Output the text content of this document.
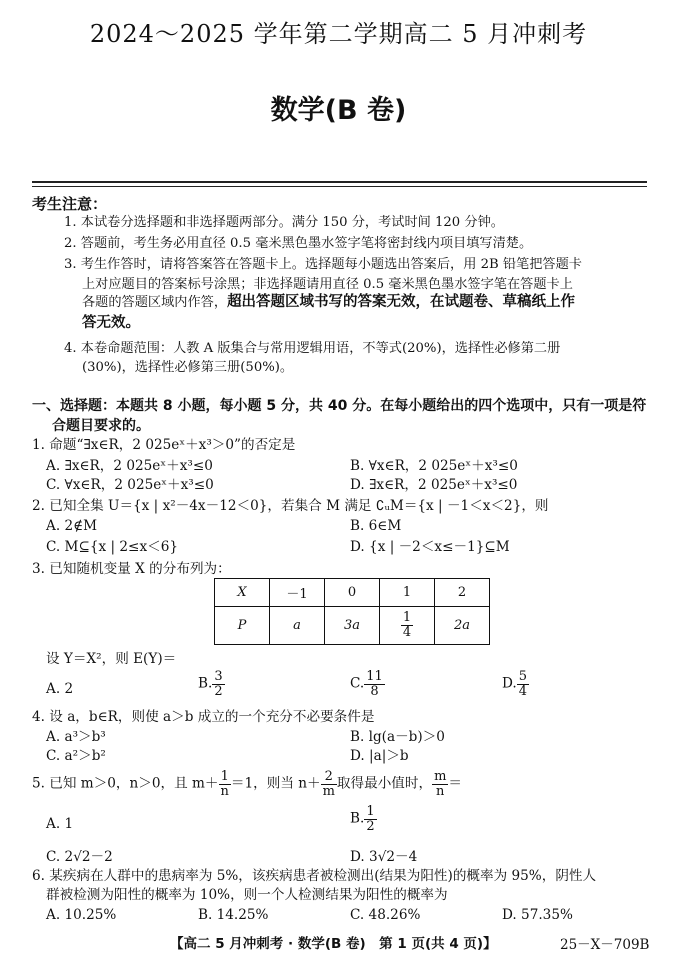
2024～2025 学年第二学期高二 5 月冲刺考
数学(B 卷)
考生注意：
1. 本试卷分选择题和非选择题两部分。满分 150 分，考试时间 120 分钟。
2. 答题前，考生务必用直径 0.5 毫米黑色墨水签字笔将密封线内项目填写清楚。
3. 考生作答时，请将答案答在答题卡上。选择题每小题选出答案后，用 2B 铅笔把答题卡
上对应题目的答案标号涂黑；非选择题请用直径 0.5 毫米黑色墨水签字笔在答题卡上
各题的答题区域内作答，超出答题区域书写的答案无效，在试题卷、草稿纸上作
答无效。
4. 本卷命题范围：人教 A 版集合与常用逻辑用语，不等式(20%)，选择性必修第二册
(30%)，选择性必修第三册(50%)。
一、选择题：本题共 8 小题，每小题 5 分，共 40 分。在每小题给出的四个选项中，只有一项是符
合题目要求的。
1. 命题“∃x∈R，2 025eˣ＋x³＞0”的否定是
A. ∃x∈R，2 025eˣ＋x³≤0	B. ∀x∈R，2 025eˣ＋x³≤0
C. ∀x∈R，2 025eˣ＋x³≤0	D. ∃x∈R，2 025eˣ＋x³≤0
2. 已知全集 U＝{x | x²－4x－12＜0}，若集合 M 满足 ∁ᵤM＝{x | －1＜x＜2}，则
A. 2∉M	B. 6∈M
C. M⊆{x | 2≤x＜6}	D. {x | －2＜x≤－1}⊆M
3. 已知随机变量 X 的分布列为：
X	－1	0	1	2
P	a	3a	$\frac{1}{4}$	2a
设 Y＝X²，则 E(Y)＝
A. 2	B. $\frac{3}{2}$	C. $\frac{11}{8}$	D. $\frac{5}{4}$
4. 设 a，b∈R，则使 a＞b 成立的一个充分不必要条件是
A. a³＞b³	B. lg(a－b)＞0
C. a²＞b²	D. |a|＞b
5. 已知 m＞0，n＞0，且 $m+ \frac{1}{n} =1$，则当 $n+ \frac{2}{m}$ 取得最小值时， $\frac{m}{n}$ ＝
A. 1	B. $\frac{1}{2}$
C. 2√2－2	D. 3√2－4
6. 某疾病在人群中的患病率为 5%，该疾病患者被检测出(结果为阳性)的概率为 95%，阴性人
群被检测为阳性的概率为 10%，则一个人检测结果为阳性的概率为
A. 10.25%	B. 14.25%	C. 48.26%	D. 57.35%
【高二 5 月冲刺考 · 数学(B 卷)　第 1 页(共 4 页)】	25－X－709B
